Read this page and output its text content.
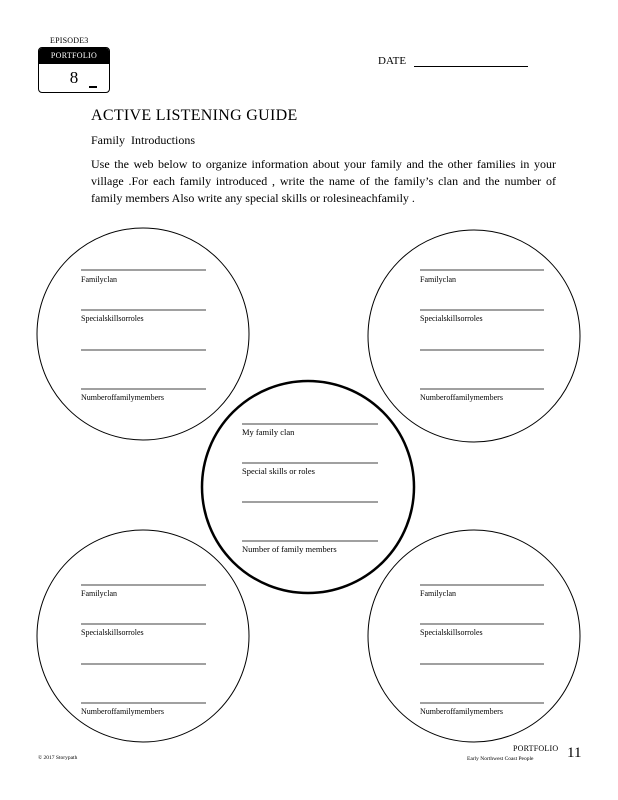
EPISODE3
PORTFOLIO
8
DATE
ACTIVE LISTENING GUIDE
Family Introductions
Use the web below to organize information about your family and the other families in your village .For each family introduced , write the name of the family’s clan and the number of family members Also write any special skills or rolesineachfamily .
Familyclan
Specialskillsorroles
Numberoffamilymembers
Familyclan
Specialskillsorroles
Numberoffamilymembers
My family clan
Special skills or roles
Number of family members
Familyclan
Specialskillsorroles
Numberoffamilymembers
Familyclan
Specialskillsorroles
Numberoffamilymembers
© 2017 Storypath
PORTFOLIO
Early Northwest Coast People 11
